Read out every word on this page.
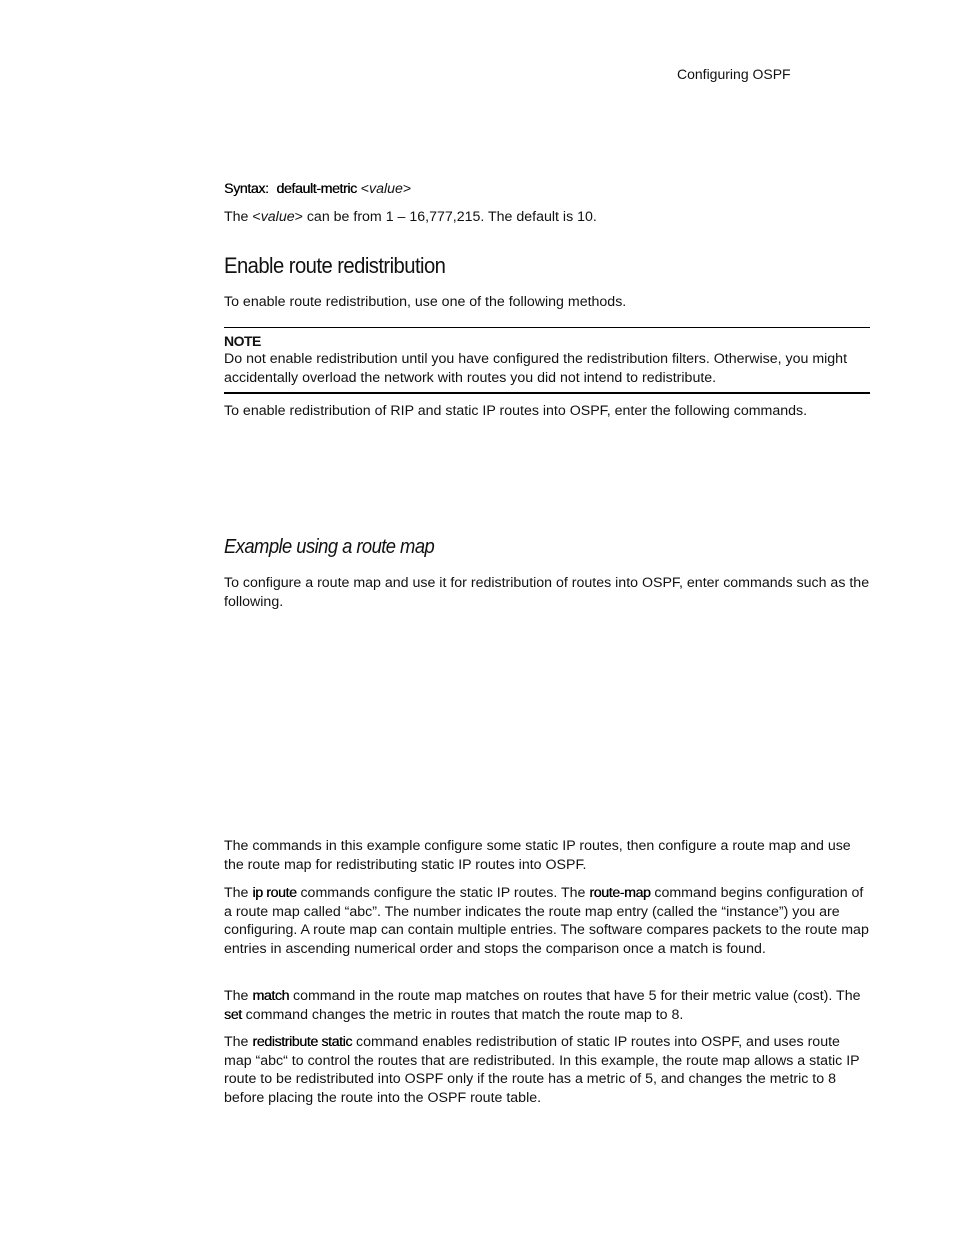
Configuring OSPF

Syntax: default-metric <value>

The <value> can be from 1 – 16,777,215. The default is 10.

Enable route redistribution

To enable route redistribution, use one of the following methods.

NOTE

Do not enable redistribution until you have configured the redistribution filters. Otherwise, you might accidentally overload the network with routes you did not intend to redistribute.

To enable redistribution of RIP and static IP routes into OSPF, enter the following commands.

Example using a route map

To configure a route map and use it for redistribution of routes into OSPF, enter commands such as the following.

The commands in this example configure some static IP routes, then configure a route map and use the route map for redistributing static IP routes into OSPF.

The ip route commands configure the static IP routes. The route-map command begins configuration of a route map called “abc”. The number indicates the route map entry (called the “instance”) you are configuring. A route map can contain multiple entries. The software compares packets to the route map entries in ascending numerical order and stops the comparison once a match is found.

The match command in the route map matches on routes that have 5 for their metric value (cost). The set command changes the metric in routes that match the route map to 8.

The redistribute static command enables redistribution of static IP routes into OSPF, and uses route map “abc“ to control the routes that are redistributed. In this example, the route map allows a static IP route to be redistributed into OSPF only if the route has a metric of 5, and changes the metric to 8 before placing the route into the OSPF route table.
